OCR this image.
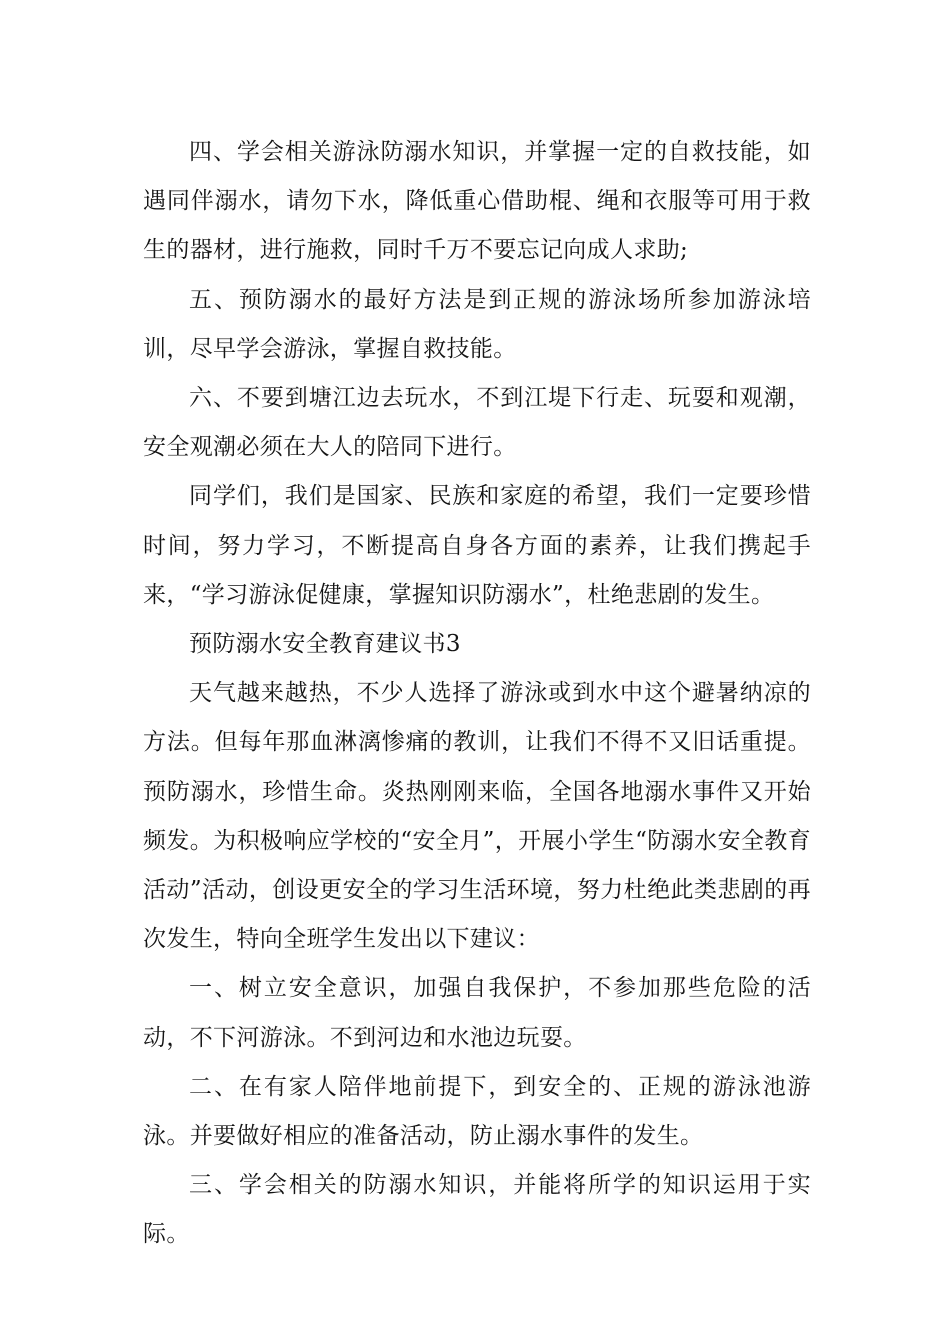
四、学会相关游泳防溺水知识，并掌握一定的自救技能，如遇同伴溺水，请勿下水，降低重心借助棍、绳和衣服等可用于救生的器材，进行施救，同时千万不要忘记向成人求助;

五、预防溺水的最好方法是到正规的游泳场所参加游泳培训，尽早学会游泳，掌握自救技能。

六、不要到塘江边去玩水，不到江堤下行走、玩耍和观潮，安全观潮必须在大人的陪同下进行。

同学们，我们是国家、民族和家庭的希望，我们一定要珍惜时间，努力学习，不断提高自身各方面的素养，让我们携起手来，“学习游泳促健康，掌握知识防溺水”，杜绝悲剧的发生。

预防溺水安全教育建议书3

天气越来越热，不少人选择了游泳或到水中这个避暑纳凉的方法。但每年那血淋漓惨痛的教训，让我们不得不又旧话重提。预防溺水，珍惜生命。炎热刚刚来临，全国各地溺水事件又开始频发。为积极响应学校的“安全月”，开展小学生“防溺水安全教育活动”活动，创设更安全的学习生活环境，努力杜绝此类悲剧的再次发生，特向全班学生发出以下建议：

一、树立安全意识，加强自我保护，不参加那些危险的活动，不下河游泳。不到河边和水池边玩耍。

二、在有家人陪伴地前提下，到安全的、正规的游泳池游泳。并要做好相应的准备活动，防止溺水事件的发生。

三、学会相关的防溺水知识，并能将所学的知识运用于实际。
